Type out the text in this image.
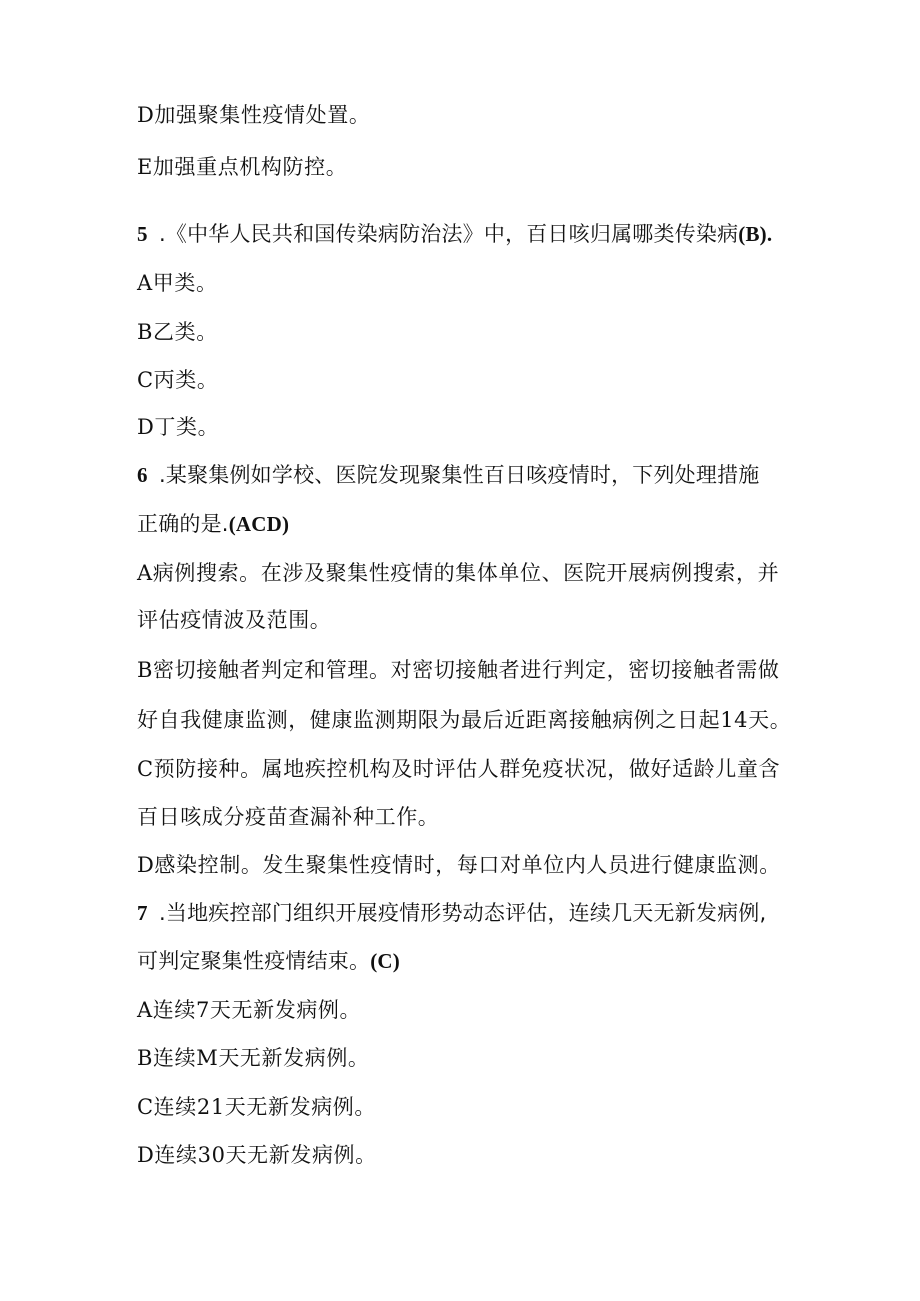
D加强聚集性疫情处置。
E加强重点机构防控。
5 .《中华人民共和国传染病防治法》中，百日咳归属哪类传染病(B).
A甲类。
B乙类。
C丙类。
D丁类。
6 .某聚集例如学校、医院发现聚集性百日咳疫情时，下列处理措施
正确的是.(ACD)
A病例搜索。在涉及聚集性疫情的集体单位、医院开展病例搜索，并
评估疫情波及范围。
B密切接触者判定和管理。对密切接触者进行判定，密切接触者需做
好自我健康监测，健康监测期限为最后近距离接触病例之日起14天。
C预防接种。属地疾控机构及时评估人群免疫状况，做好适龄儿童含
百日咳成分疫苗查漏补种工作。
D感染控制。发生聚集性疫情时，每口对单位内人员进行健康监测。
7 .当地疾控部门组织开展疫情形势动态评估，连续几天无新发病例,
可判定聚集性疫情结束。(C)
A连续7天无新发病例。
B连续M天无新发病例。
C连续21天无新发病例。
D连续30天无新发病例。
